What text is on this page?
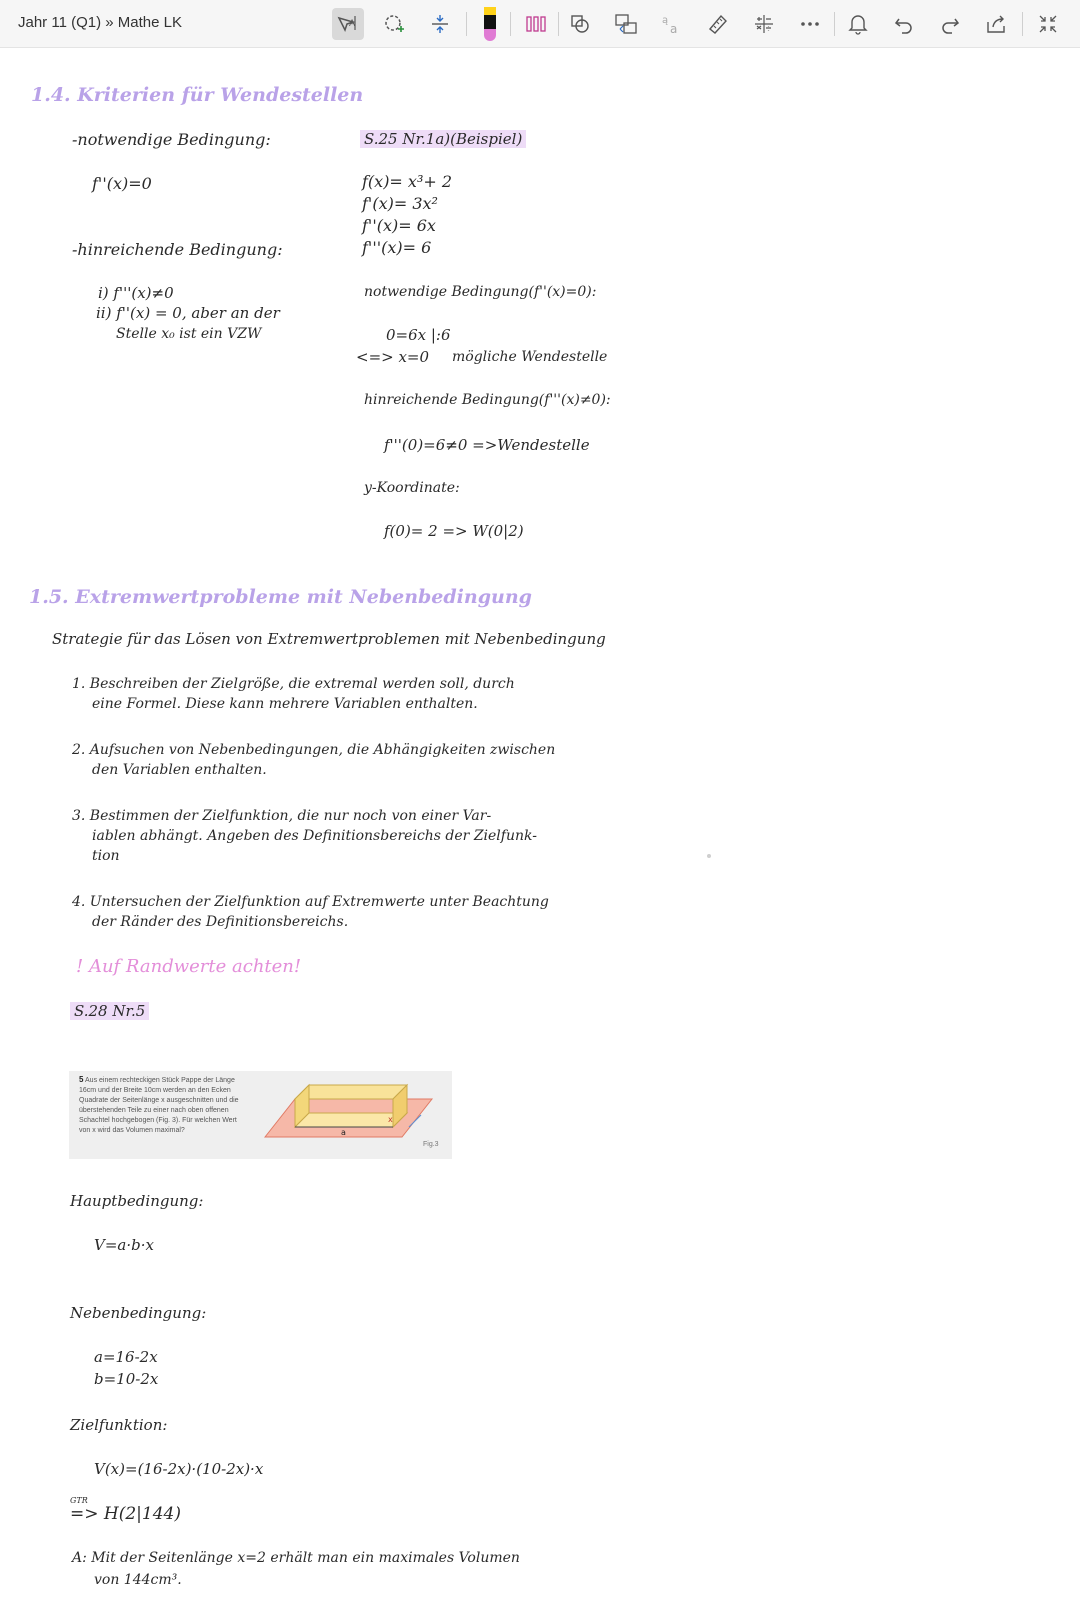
Jahr 11 (Q1) » Mathe LK	A	ą
a
1.4. Kriterien für Wendestellen
-notwendige Bedingung:
f''(x)=0
-hinreichende Bedingung:
i) f'''(x)≠0
ii) f''(x) = 0, aber an der
Stelle x₀ ist ein VZW
S.25 Nr.1a)(Beispiel)
f(x)= x³+ 2
f'(x)= 3x²
f''(x)= 6x
f'''(x)= 6
notwendige Bedingung(f''(x)=0):
0=6x |:6
<=> x=0 mögliche Wendestelle
hinreichende Bedingung(f'''(x)≠0):
f'''(0)=6≠0 =>Wendestelle
y-Koordinate:
f(0)= 2 => W(0|2)
1.5. Extremwertprobleme mit Nebenbedingung
Strategie für das Lösen von Extremwertproblemen mit Nebenbedingung
1. Beschreiben der Zielgröße, die extremal werden soll, durch
eine Formel. Diese kann mehrere Variablen enthalten.
2. Aufsuchen von Nebenbedingungen, die Abhängigkeiten zwischen
den Variablen enthalten.
3. Bestimmen der Zielfunktion, die nur noch von einer Var-
iablen abhängt. Angeben des Definitionsbereichs der Zielfunk-
tion
4. Untersuchen der Zielfunktion auf Extremwerte unter Beachtung
der Ränder des Definitionsbereichs.
! Auf Randwerte achten!
S.28 Nr.5
5 Aus einem rechteckigen Stück Pappe der Länge 16cm und der Breite 10cm werden an den Ecken Quadrate der Seitenlänge x ausgeschnitten und die überstehenden Teile zu einer nach oben offenen Schachtel hochgebogen (Fig. 3). Für welchen Wert von x wird das Volumen maximal?	a
x
Fig.3
Hauptbedingung:
V=a·b·x
Nebenbedingung:
a=16-2x
b=10-2x
Zielfunktion:
V(x)=(16-2x)·(10-2x)·x
GTR
=> H(2|144)
A: Mit der Seitenlänge x=2 erhält man ein maximales Volumen
von 144cm³.
